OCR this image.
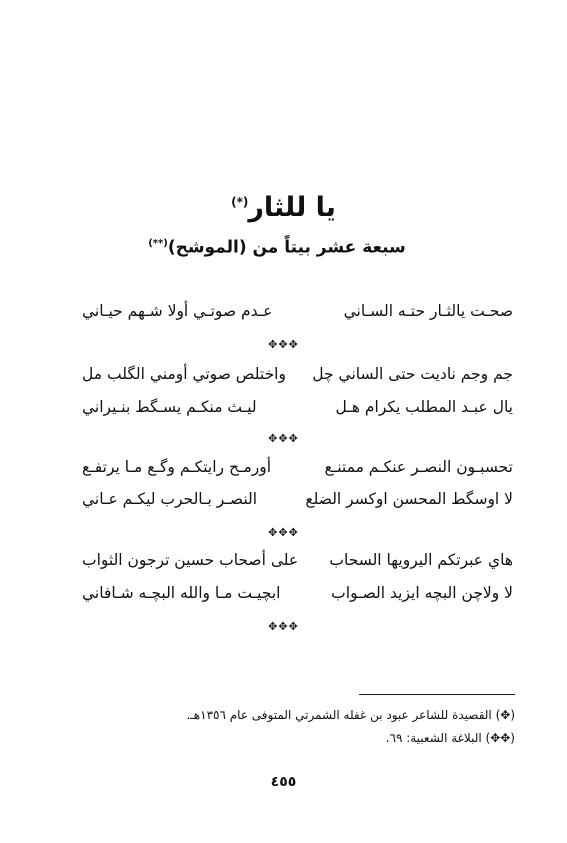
يا للثار(*)
سبعة عشر بيتاً من (الموشح)(**)
صحـت يالثـار حتـه السـاني
عـدم صوتـي أولا شـهم حيـاني
✥✥✥
جم وجم ناديت حتى الساني چل
واختلص صوتي أومني الگلب مل
يال عبـد المطلب يكرام هـل
ليـث منكـم يسـگط بنـيراني
✥✥✥
تحسبـون النصـر عنكـم ممتنـع
أورمـح رايتكـم وگـع مـا يرتفـع
لا اوسگط المحسن اوكسر الضلع
النصـر بـالحرب ليكـم عـاني
✥✥✥
هاي عبرتكم اليرويها السحاب
على أصحاب حسين ترجون الثواب
لا ولاچن البچه ايزيد الصـواب
ابچيـت مـا والله البچـه شـافاني
✥✥✥
(✥) القصيدة للشاعر عبود بن غفله الشمرتي المتوفى عام ١٣٥٦هـ.
(✥✥) البلاغة الشعبية: ٦٩.
٤٥٥
